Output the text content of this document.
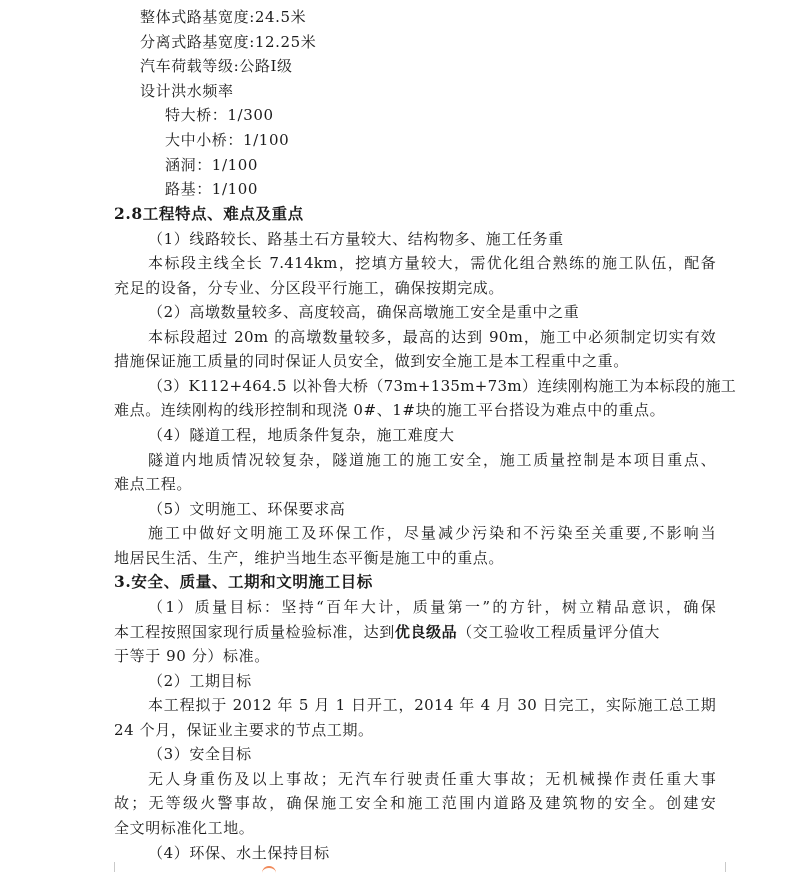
整体式路基宽度:24.5米
分离式路基宽度:12.25米
汽车荷载等级:公路I级
设计洪水频率
特大桥：1/300
大中小桥：1/100
涵洞：1/100
路基：1/100
2.8工程特点、难点及重点
（1）线路较长、路基土石方量较大、结构物多、施工任务重
本标段主线全长 7.414km，挖填方量较大，需优化组合熟练的施工队伍，配备
充足的设备，分专业、分区段平行施工，确保按期完成。
（2）高墩数量较多、高度较高，确保高墩施工安全是重中之重
本标段超过 20m 的高墩数量较多，最高的达到 90m，施工中必须制定切实有效
措施保证施工质量的同时保证人员安全，做到安全施工是本工程重中之重。
（3）K112+464.5 以补鲁大桥（73m+135m+73m）连续刚构施工为本标段的施工
难点。连续刚构的线形控制和现浇 0#、1#块的施工平台搭设为难点中的重点。
（4）隧道工程，地质条件复杂，施工难度大
隧道内地质情况较复杂，隧道施工的施工安全，施工质量控制是本项目重点、
难点工程。
（5）文明施工、环保要求高
施工中做好文明施工及环保工作，尽量减少污染和不污染至关重要,不影响当
地居民生活、生产，维护当地生态平衡是施工中的重点。
3.安全、质量、工期和文明施工目标
（1）质量目标：坚持“百年大计，质量第一”的方针，树立精品意识，确保
本工程按照国家现行质量检验标准，达到优良级品（交工验收工程质量评分值大
于等于 90 分）标准。
（2）工期目标
本工程拟于 2012 年 5 月 1 日开工，2014 年 4 月 30 日完工，实际施工总工期
24 个月，保证业主要求的节点工期。
（3）安全目标
无人身重伤及以上事故；无汽车行驶责任重大事故；无机械操作责任重大事
故；无等级火警事故，确保施工安全和施工范围内道路及建筑物的安全。创建安
全文明标准化工地。
（4）环保、水土保持目标
